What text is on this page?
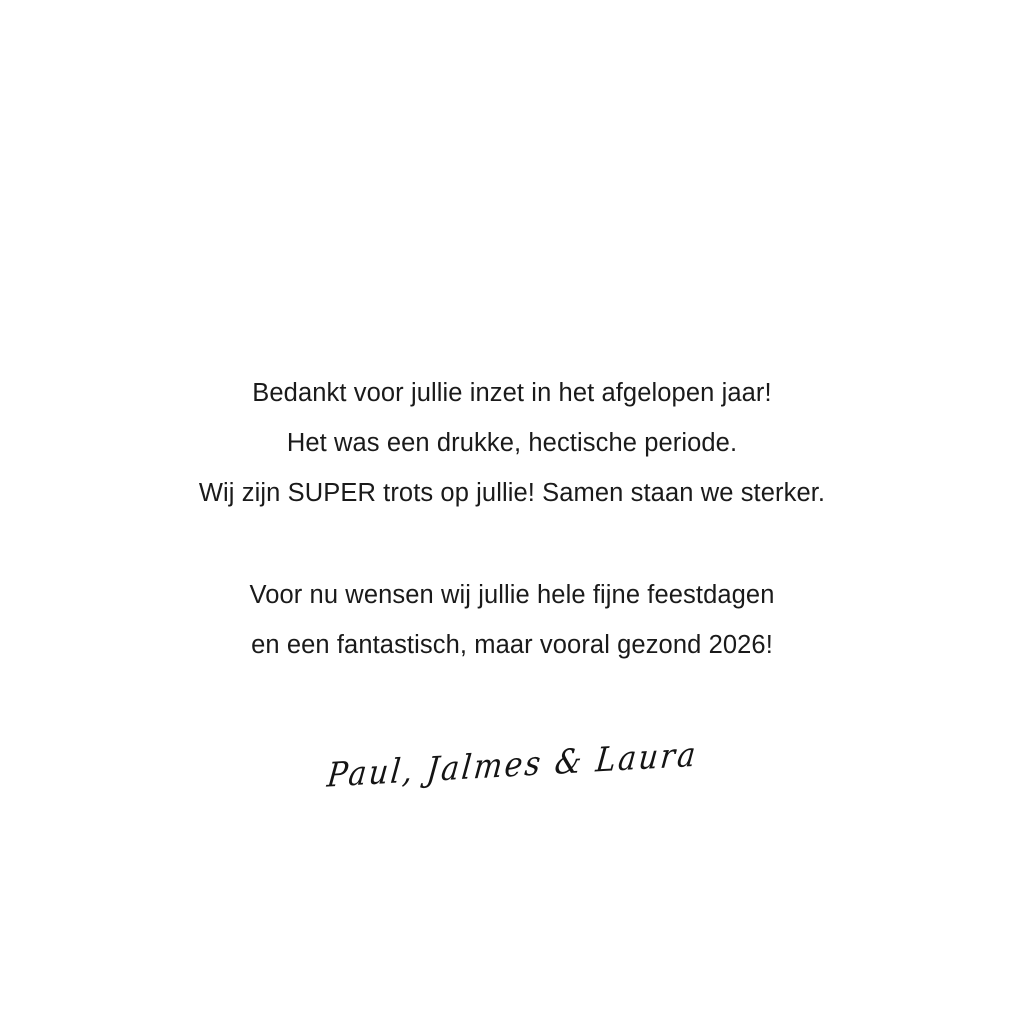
Bedankt voor jullie inzet in het afgelopen jaar!
Het was een drukke, hectische periode.
Wij zijn SUPER trots op jullie! Samen staan we sterker.
Voor nu wensen wij jullie hele fijne feestdagen
en een fantastisch, maar vooral gezond 2026!
Paul, Jalmes & Laura
